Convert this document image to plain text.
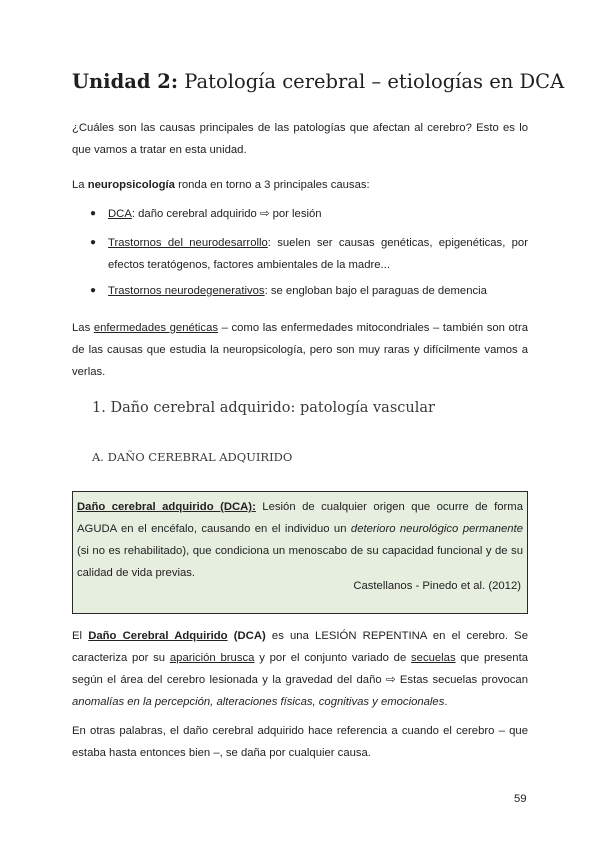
Unidad 2: Patología cerebral – etiologías en DCA
¿Cuáles son las causas principales de las patologías que afectan al cerebro? Esto es lo que vamos a tratar en esta unidad.
La neuropsicología ronda en torno a 3 principales causas:
● DCA: daño cerebral adquirido ⇨ por lesión
● Trastornos del neurodesarrollo: suelen ser causas genéticas, epigenéticas, por efectos teratógenos, factores ambientales de la madre...
● Trastornos neurodegenerativos: se engloban bajo el paraguas de demencia
Las enfermedades genéticas – como las enfermedades mitocondriales – también son otra de las causas que estudia la neuropsicología, pero son muy raras y difícilmente vamos a verlas.
1. Daño cerebral adquirido: patología vascular
A. DAÑO CEREBRAL ADQUIRIDO
Daño cerebral adquirido (DCA): Lesión de cualquier origen que ocurre de forma AGUDA en el encéfalo, causando en el individuo un deterioro neurológico permanente (si no es rehabilitado), que condiciona un menoscabo de su capacidad funcional y de su calidad de vida previas.
Castellanos - Pinedo et al. (2012)
El Daño Cerebral Adquirido (DCA) es una LESIÓN REPENTINA en el cerebro. Se caracteriza por su aparición brusca y por el conjunto variado de secuelas que presenta según el área del cerebro lesionada y la gravedad del daño ⇨ Estas secuelas provocan anomalías en la percepción, alteraciones físicas, cognitivas y emocionales.
En otras palabras, el daño cerebral adquirido hace referencia a cuando el cerebro – que estaba hasta entonces bien –, se daña por cualquier causa.
59
